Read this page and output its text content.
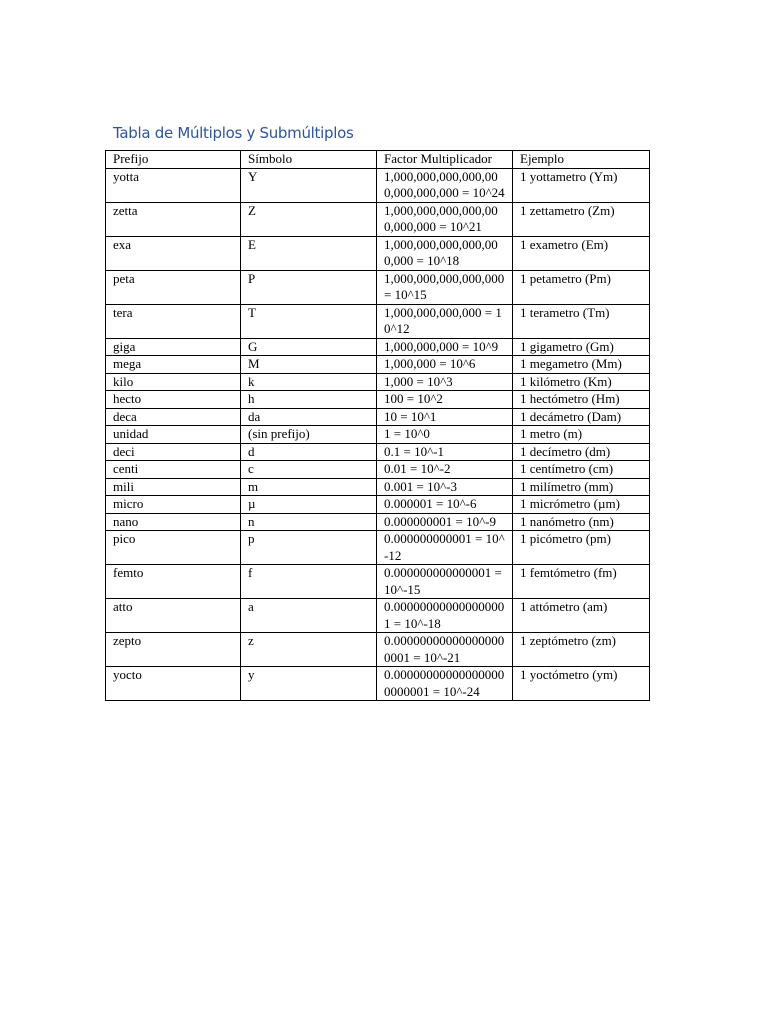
Tabla de Múltiplos y Submúltiplos
Prefijo	Símbolo	Factor Multiplicador	Ejemplo
yotta	Y	1,000,000,000,000,000,000,000,000 = 10^24	1 yottametro (Ym)
zetta	Z	1,000,000,000,000,000,000,000 = 10^21	1 zettametro (Zm)
exa	E	1,000,000,000,000,000,000 = 10^18	1 exametro (Em)
peta	P	1,000,000,000,000,000 = 10^15	1 petametro (Pm)
tera	T	1,000,000,000,000 = 10^12	1 terametro (Tm)
giga	G	1,000,000,000 = 10^9	1 gigametro (Gm)
mega	M	1,000,000 = 10^6	1 megametro (Mm)
kilo	k	1,000 = 10^3	1 kilómetro (Km)
hecto	h	100 = 10^2	1 hectómetro (Hm)
deca	da	10 = 10^1	1 decámetro (Dam)
unidad	(sin prefijo)	1 = 10^0	1 metro (m)
deci	d	0.1 = 10^-1	1 decímetro (dm)
centi	c	0.01 = 10^-2	1 centímetro (cm)
mili	m	0.001 = 10^-3	1 milímetro (mm)
micro	µ	0.000001 = 10^-6	1 micrómetro (µm)
nano	n	0.000000001 = 10^-9	1 nanómetro (nm)
pico	p	0.000000000001 = 10^-12	1 picómetro (pm)
femto	f	0.000000000000001 = 10^-15	1 femtómetro (fm)
atto	a	0.000000000000000001 = 10^-18	1 attómetro (am)
zepto	z	0.000000000000000000001 = 10^-21	1 zeptómetro (zm)
yocto	y	0.000000000000000000000001 = 10^-24	1 yoctómetro (ym)
